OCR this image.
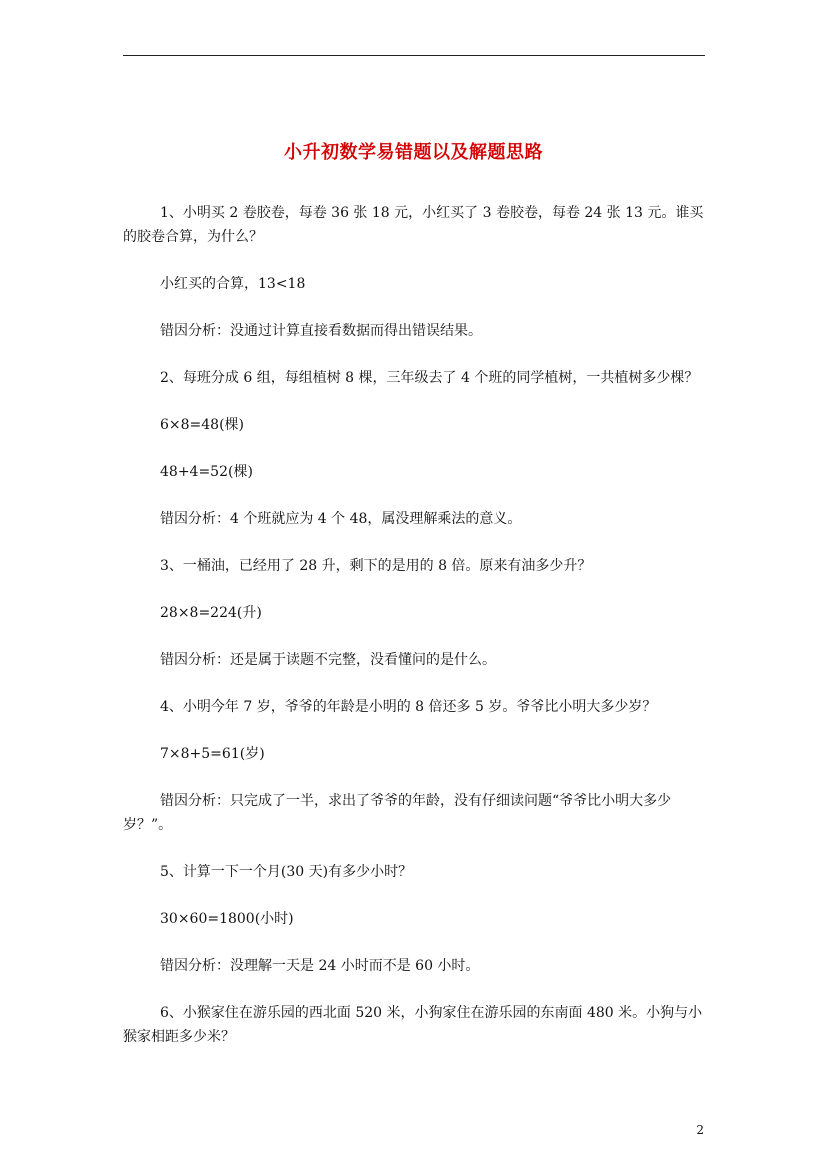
小升初数学易错题以及解题思路

1、小明买 2 卷胶卷，每卷 36 张 18 元，小红买了 3 卷胶卷，每卷 24 张 13 元。谁买的胶卷合算，为什么？

小红买的合算，13<18

错因分析：没通过计算直接看数据而得出错误结果。

2、每班分成 6 组，每组植树 8 棵，三年级去了 4 个班的同学植树，一共植树多少棵？

6×8=48(棵)

48+4=52(棵)

错因分析：4 个班就应为 4 个 48，属没理解乘法的意义。

3、一桶油，已经用了 28 升，剩下的是用的 8 倍。原来有油多少升？

28×8=224(升)

错因分析：还是属于读题不完整，没看懂问的是什么。

4、小明今年 7 岁，爷爷的年龄是小明的 8 倍还多 5 岁。爷爷比小明大多少岁？

7×8+5=61(岁)

错因分析：只完成了一半，求出了爷爷的年龄，没有仔细读问题“爷爷比小明大多少岁？”。

5、计算一下一个月(30 天)有多少小时？

30×60=1800(小时)

错因分析：没理解一天是 24 小时而不是 60 小时。

6、小猴家住在游乐园的西北面 520 米，小狗家住在游乐园的东南面 480 米。小狗与小猴家相距多少米？

2
